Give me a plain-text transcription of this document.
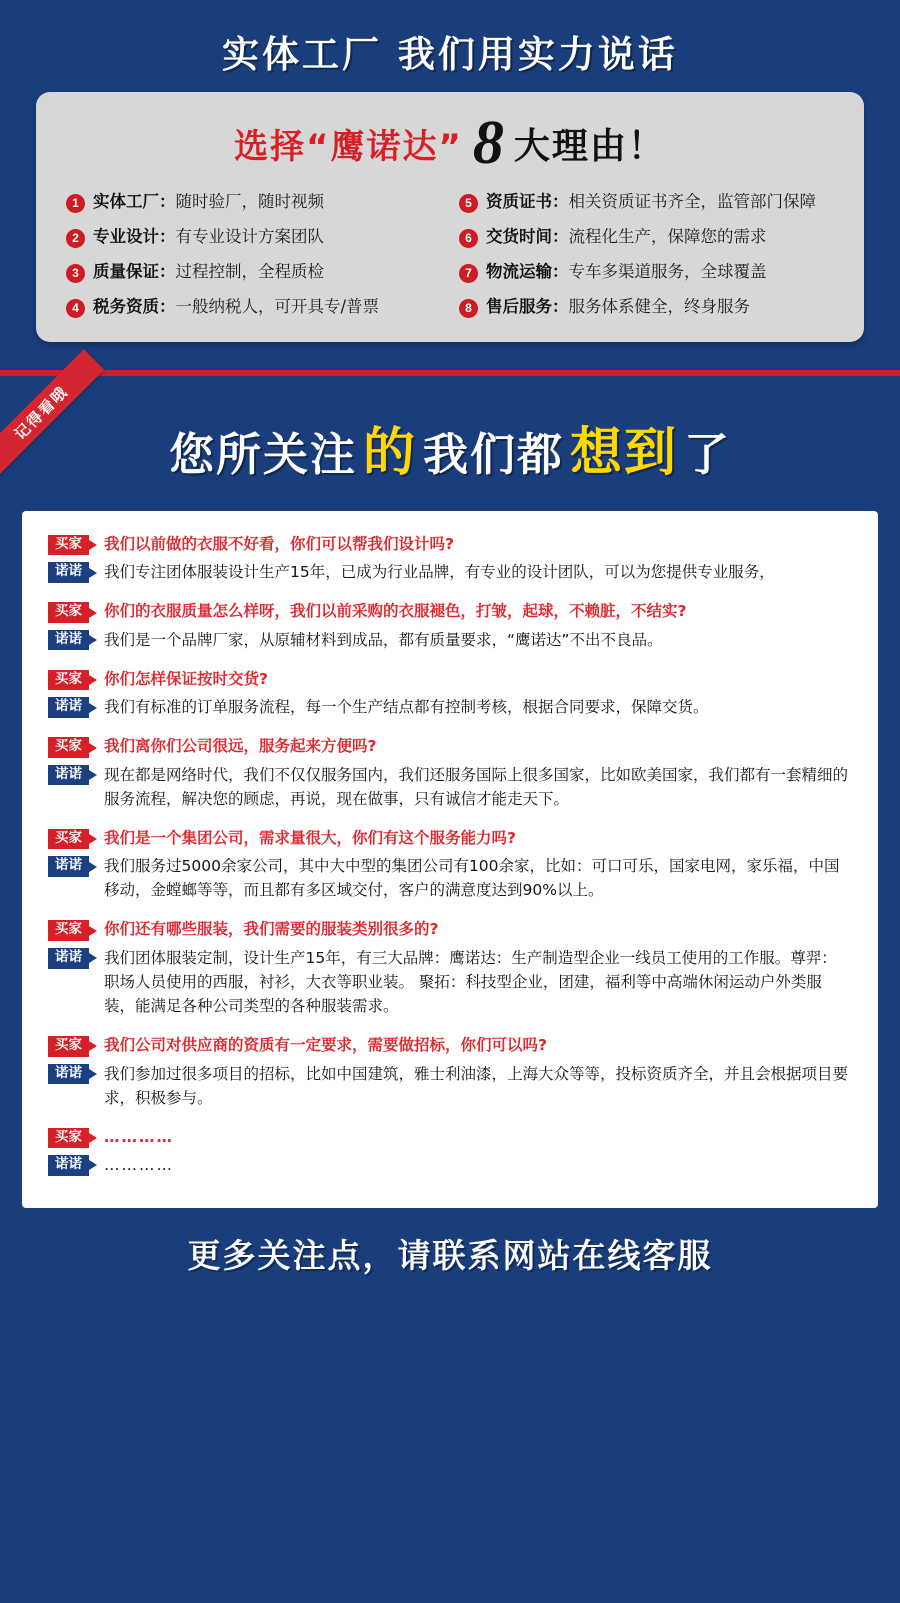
实体工厂 我们用实力说话
选择“鹰诺达” 8 大理由！
1 实体工厂：随时验厂，随时视频	5 资质证书：相关资质证书齐全，监管部门保障
2 专业设计：有专业设计方案团队	6 交货时间：流程化生产，保障您的需求
3 质量保证：过程控制，全程质检	7 物流运输：专车多渠道服务，全球覆盖
4 税务资质：一般纳税人，可开具专/普票	8 售后服务：服务体系健全，终身服务
记得看哦
您所关注 的 我们都 想到 了
买家	我们以前做的衣服不好看，你们可以帮我们设计吗?
诺诺	我们专注团体服装设计生产15年，已成为行业品牌，有专业的设计团队，可以为您提供专业服务，
买家	你们的衣服质量怎么样呀，我们以前采购的衣服褪色，打皱，起球，不赖脏，不结实?
诺诺	我们是一个品牌厂家，从原辅材料到成品，都有质量要求，“鹰诺达”不出不良品。
买家	你们怎样保证按时交货?
诺诺	我们有标准的订单服务流程，每一个生产结点都有控制考核，根据合同要求，保障交货。
买家	我们离你们公司很远，服务起来方便吗?
诺诺	现在都是网络时代，我们不仅仅服务国内，我们还服务国际上很多国家，比如欧美国家，我们都有一套精细的服务流程，解决您的顾虑，再说，现在做事，只有诚信才能走天下。
买家	我们是一个集团公司，需求量很大，你们有这个服务能力吗?
诺诺	我们服务过5000余家公司，其中大中型的集团公司有100余家，比如：可口可乐，国家电网，家乐福，中国移动，金螳螂等等，而且都有多区域交付，客户的满意度达到90%以上。
买家	你们还有哪些服装，我们需要的服装类别很多的?
诺诺	我们团体服装定制，设计生产15年，有三大品牌：鹰诺达：生产制造型企业一线员工使用的工作服。尊羿：职场人员使用的西服，衬衫，大衣等职业装。 聚拓：科技型企业，团建，福利等中高端休闲运动户外类服装，能满足各种公司类型的各种服装需求。
买家	我们公司对供应商的资质有一定要求，需要做招标，你们可以吗?
诺诺	我们参加过很多项目的招标，比如中国建筑，雅士利油漆，上海大众等等，投标资质齐全，并且会根据项目要求，积极参与。
买家	…………
诺诺	…………
更多关注点，请联系网站在线客服
